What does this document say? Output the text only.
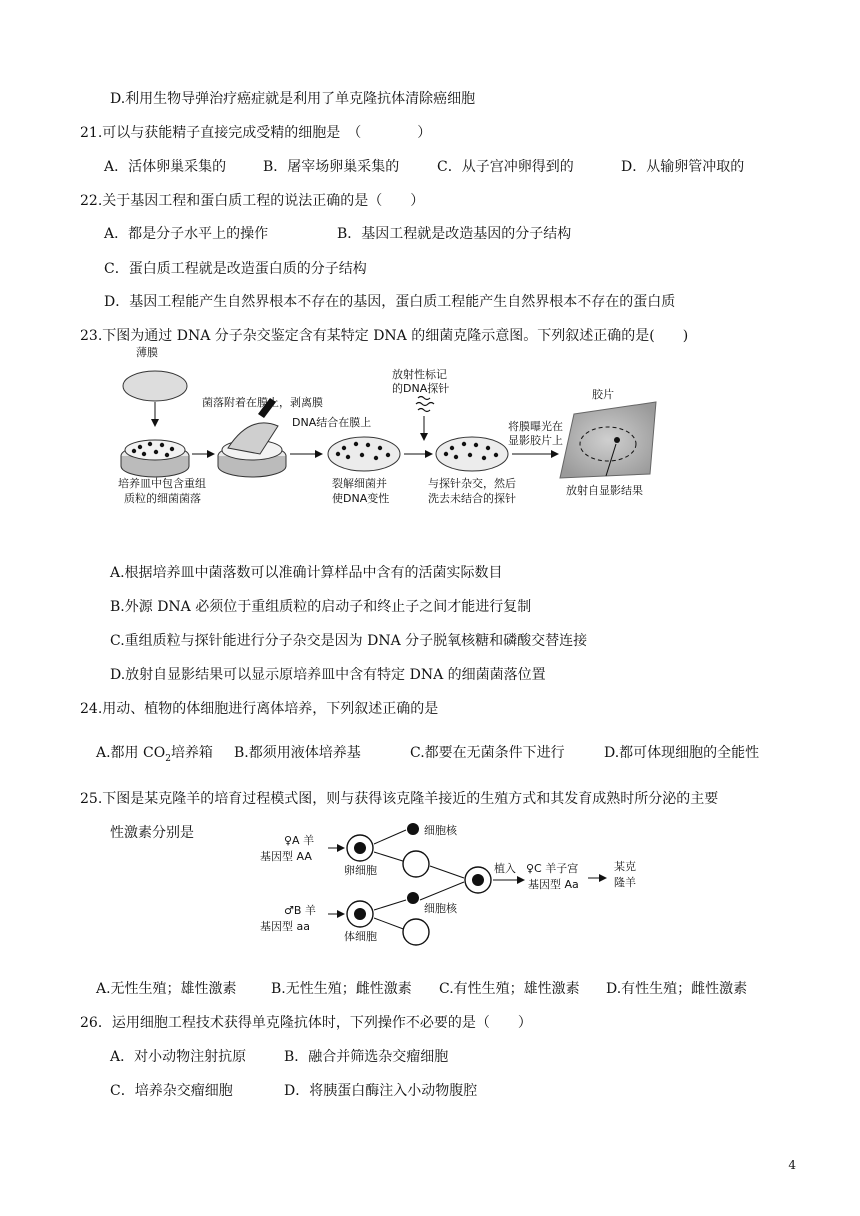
D.利用生物导弹治疗癌症就是利用了单克隆抗体清除癌细胞
21.可以与获能精子直接完成受精的细胞是　（　　　　）
A．活体卵巢采集的	B．屠宰场卵巢采集的	C．从子宫冲卵得到的	D．从输卵管冲取的
22.关于基因工程和蛋白质工程的说法正确的是（　　）
A．都是分子水平上的操作	B．基因工程就是改造基因的分子结构
C．蛋白质工程就是改造蛋白质的分子结构
D．基因工程能产生自然界根本不存在的基因，蛋白质工程能产生自然界根本不存在的蛋白质
23.下图为通过 DNA 分子杂交鉴定含有某特定 DNA 的细菌克隆示意图。下列叙述正确的是(　　)
薄膜
培养皿中包含重组
质粒的细菌菌落
菌落附着在膜上，剥离膜
DNA结合在膜上
裂解细菌并
使DNA变性
放射性标记
的DNA探针
与探针杂交，然后
洗去未结合的探针
将膜曝光在
显影胶片上
胶片
放射自显影结果
A.根据培养皿中菌落数可以准确计算样品中含有的活菌实际数目
B.外源 DNA 必须位于重组质粒的启动子和终止子之间才能进行复制
C.重组质粒与探针能进行分子杂交是因为 DNA 分子脱氧核糖和磷酸交替连接
D.放射自显影结果可以显示原培养皿中含有特定 DNA 的细菌菌落位置
24.用动、植物的体细胞进行离体培养，下列叙述正确的是
A.都用 $CO_2$培养箱 B.都须用液体培养基	C.都要在无菌条件下进行	D.都可体现细胞的全能性
25.下图是某克隆羊的培育过程模式图，则与获得该克隆羊接近的生殖方式和其发育成熟时所分泌的主要
性激素分别是	♀A 羊
基因型 AA
卵细胞
细胞核
♂B 羊
基因型 aa
体细胞
细胞核
植入 ♀C 羊子宫
基因型 Aa
某克
隆羊
A.无性生殖；雄性激素 B.无性生殖；雌性激素 C.有性生殖；雄性激素 D.有性生殖；雌性激素
26．运用细胞工程技术获得单克隆抗体时，下列操作不必要的是（　　）
A．对小动物注射抗原	B．融合并筛选杂交瘤细胞
C．培养杂交瘤细胞	D．将胰蛋白酶注入小动物腹腔
4
